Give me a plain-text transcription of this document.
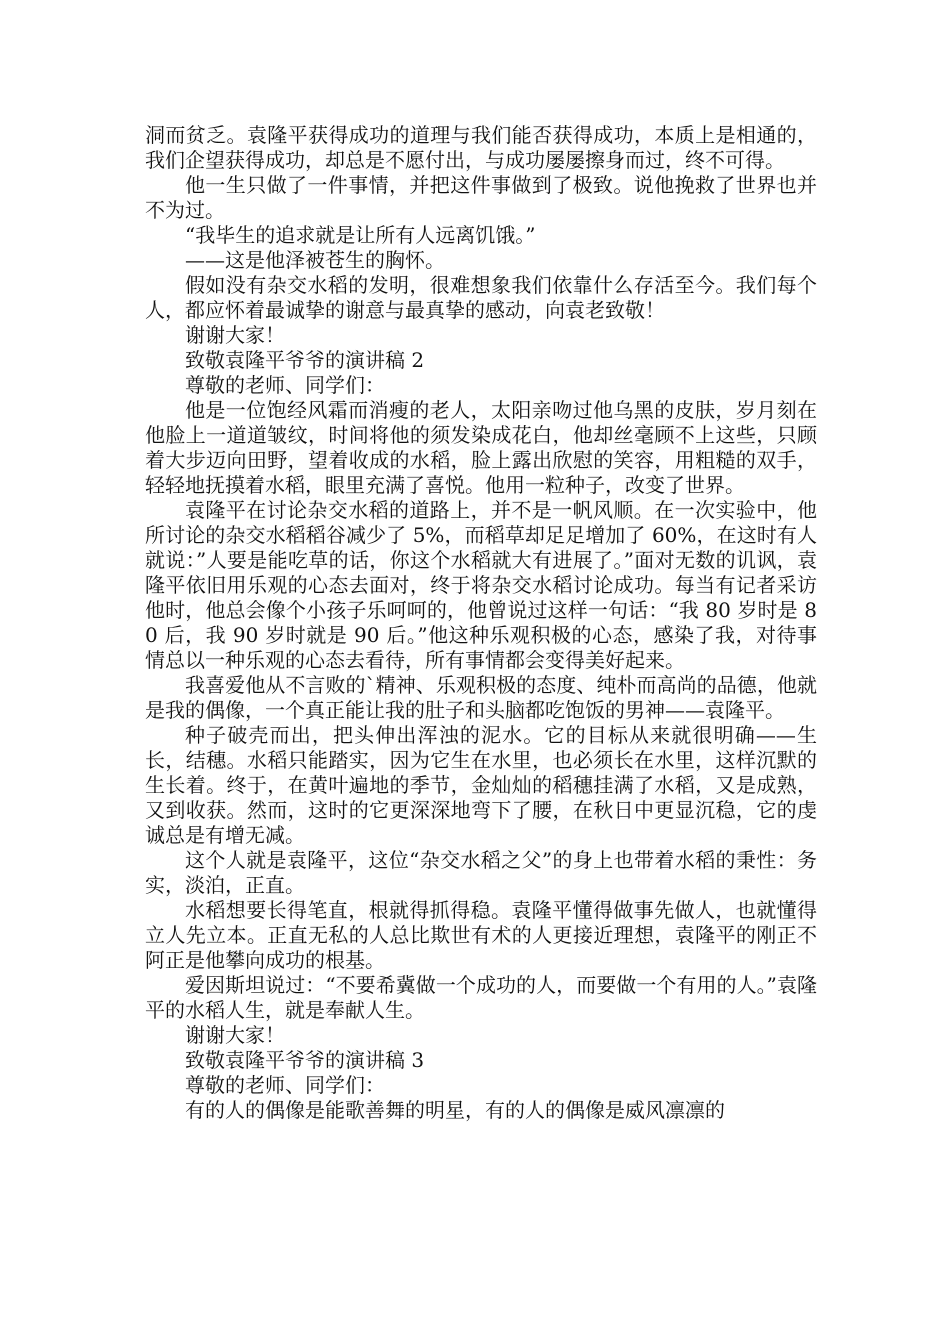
洞而贫乏。袁隆平获得成功的道理与我们能否获得成功，本质上是相通的，我们企望获得成功，却总是不愿付出，与成功屡屡擦身而过，终不可得。

他一生只做了一件事情，并把这件事做到了极致。说他挽救了世界也并不为过。

“我毕生的追求就是让所有人远离饥饿。”

——这是他泽被苍生的胸怀。

假如没有杂交水稻的发明，很难想象我们依靠什么存活至今。我们每个人，都应怀着最诚挚的谢意与最真挚的感动，向袁老致敬！

谢谢大家！

致敬袁隆平爷爷的演讲稿 2

尊敬的老师、同学们：

他是一位饱经风霜而消瘦的老人，太阳亲吻过他乌黑的皮肤，岁月刻在他脸上一道道皱纹，时间将他的须发染成花白，他却丝毫顾不上这些，只顾着大步迈向田野，望着收成的水稻，脸上露出欣慰的笑容，用粗糙的双手，轻轻地抚摸着水稻，眼里充满了喜悦。他用一粒种子，改变了世界。

袁隆平在讨论杂交水稻的道路上，并不是一帆风顺。在一次实验中，他所讨论的杂交水稻稻谷减少了 5%，而稻草却足足增加了 60%，在这时有人就说：”人要是能吃草的话，你这个水稻就大有进展了。”面对无数的讥讽，袁隆平依旧用乐观的心态去面对，终于将杂交水稻讨论成功。每当有记者采访他时，他总会像个小孩子乐呵呵的，他曾说过这样一句话：“我 80 岁时是 80 后，我 90 岁时就是 90 后。”他这种乐观积极的心态，感染了我，对待事情总以一种乐观的心态去看待，所有事情都会变得美好起来。

我喜爱他从不言败的`精神、乐观积极的态度、纯朴而高尚的品德，他就是我的偶像，一个真正能让我的肚子和头脑都吃饱饭的男神——袁隆平。

种子破壳而出，把头伸出浑浊的泥水。它的目标从来就很明确——生长，结穗。水稻只能踏实，因为它生在水里，也必须长在水里，这样沉默的生长着。终于，在黄叶遍地的季节，金灿灿的稻穗挂满了水稻，又是成熟，又到收获。然而，这时的它更深深地弯下了腰，在秋日中更显沉稳，它的虔诚总是有增无减。

这个人就是袁隆平，这位“杂交水稻之父”的身上也带着水稻的秉性：务实，淡泊，正直。

水稻想要长得笔直，根就得抓得稳。袁隆平懂得做事先做人，也就懂得立人先立本。正直无私的人总比欺世有术的人更接近理想，袁隆平的刚正不阿正是他攀向成功的根基。

爱因斯坦说过：“不要希冀做一个成功的人，而要做一个有用的人。”袁隆平的水稻人生，就是奉献人生。

谢谢大家！

致敬袁隆平爷爷的演讲稿 3

尊敬的老师、同学们：

有的人的偶像是能歌善舞的明星，有的人的偶像是威风凛凛的
